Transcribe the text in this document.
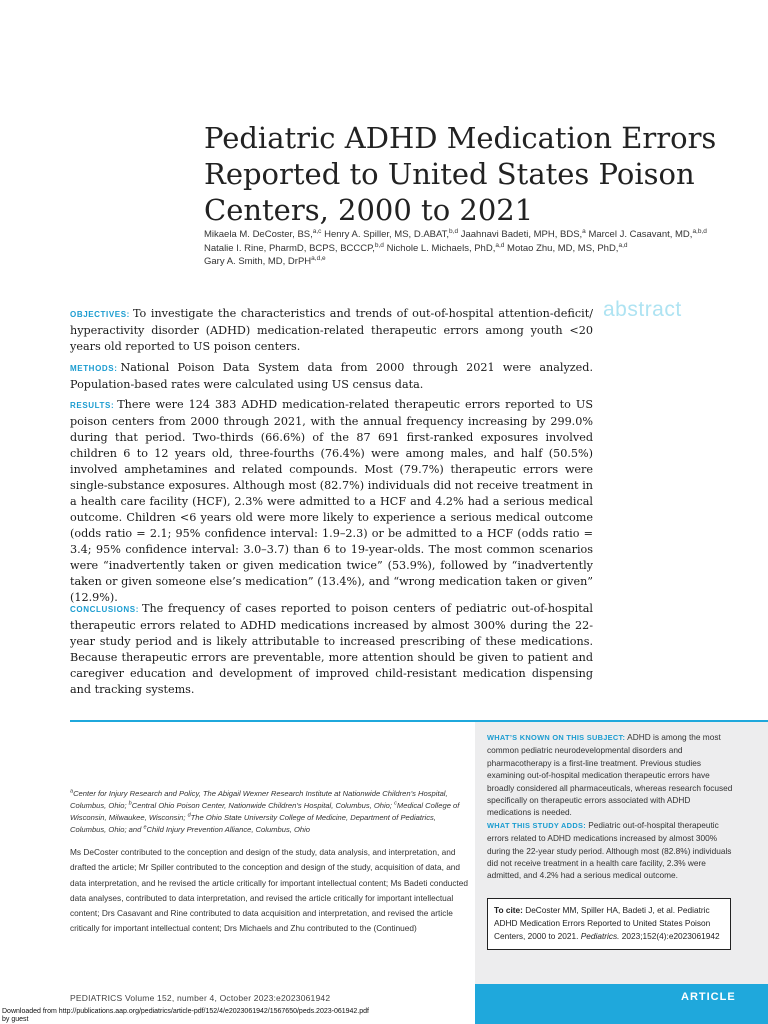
Pediatric ADHD Medication Errors Reported to United States Poison Centers, 2000 to 2021
Mikaela M. DeCoster, BS,$^{a,c}$ Henry A. Spiller, MS, D.ABAT,$^{b,d}$ Jaahnavi Badeti, MPH, BDS,$^a$ Marcel J. Casavant, MD,$^{a,b,d}$
Natalie I. Rine, PharmD, BCPS, BCCCP,$^{b,d}$ Nichole L. Michaels, PhD,$^{a,d}$ Motao Zhu, MD, MS, PhD,$^{a,d}$
Gary A. Smith, MD, DrPH$^{a,d,e}$
abstract

OBJECTIVES: To investigate the characteristics and trends of out-of-hospital attention-deficit/ hyperactivity disorder (ADHD) medication-related therapeutic errors among youth <20 years old reported to US poison centers.

METHODS: National Poison Data System data from 2000 through 2021 were analyzed. Population-based rates were calculated using US census data.

RESULTS: There were 124 383 ADHD medication-related therapeutic errors reported to US poison centers from 2000 through 2021, with the annual frequency increasing by 299.0% during that period. Two-thirds (66.6%) of the 87 691 first-ranked exposures involved children 6 to 12 years old, three-fourths (76.4%) were among males, and half (50.5%) involved amphetamines and related compounds. Most (79.7%) therapeutic errors were single-substance exposures. Although most (82.7%) individuals did not receive treatment in a health care facility (HCF), 2.3% were admitted to a HCF and 4.2% had a serious medical outcome. Children <6 years old were more likely to experience a serious medical outcome (odds ratio = 2.1; 95% confidence interval: 1.9–2.3) or be admitted to a HCF (odds ratio = 3.4; 95% confidence interval: 3.0–3.7) than 6 to 19-year-olds. The most common scenarios were “inadvertently taken or given medication twice” (53.9%), followed by “inadvertently taken or given someone else’s medication” (13.4%), and “wrong medication taken or given” (12.9%).

CONCLUSIONS: The frequency of cases reported to poison centers of pediatric out-of-hospital therapeutic errors related to ADHD medications increased by almost 300% during the 22-year study period and is likely attributable to increased prescribing of these medications. Because therapeutic errors are preventable, more attention should be given to patient and caregiver education and development of improved child-resistant medication dispensing and tracking systems.

$^a$Center for Injury Research and Policy, The Abigail Wexner Research Institute at Nationwide Children’s Hospital, Columbus, Ohio; $^b$Central Ohio Poison Center, Nationwide Children’s Hospital, Columbus, Ohio; $^c$Medical College of Wisconsin, Milwaukee, Wisconsin; $^d$The Ohio State University College of Medicine, Department of Pediatrics, Columbus, Ohio; and $^e$Child Injury Prevention Alliance, Columbus, Ohio
Ms DeCoster contributed to the conception and design of the study, data analysis, and interpretation, and drafted the article; Mr Spiller contributed to the conception and design of the study, acquisition of data, and data interpretation, and he revised the article critically for important intellectual content; Ms Badeti conducted data analyses, contributed to data interpretation, and revised the article critically for important intellectual content; Drs Casavant and Rine contributed to data acquisition and interpretation, and revised the article critically for important intellectual content; Drs Michaels and Zhu contributed to the (Continued)

WHAT’S KNOWN ON THIS SUBJECT: ADHD is among the most common pediatric neurodevelopmental disorders and pharmacotherapy is a first-line treatment. Previous studies examining out-of-hospital medication therapeutic errors have broadly considered all pharmaceuticals, whereas research focused specifically on therapeutic errors associated with ADHD medications is needed.

WHAT THIS STUDY ADDS: Pediatric out-of-hospital therapeutic errors related to ADHD medications increased by almost 300% during the 22-year study period. Although most (82.8%) individuals did not receive treatment in a health care facility, 2.3% were admitted, and 4.2% had a serious medical outcome.

To cite: DeCoster MM, Spiller HA, Badeti J, et al. Pediatric ADHD Medication Errors Reported to United States Poison Centers, 2000 to 2021. Pediatrics. 2023;152(4):e2023061942
PEDIATRICS Volume 152, number 4, October 2023:e2023061942	ARTICLE
Downloaded from http://publications.aap.org/pediatrics/article-pdf/152/4/e2023061942/1567650/peds.2023-061942.pdf
by guest
